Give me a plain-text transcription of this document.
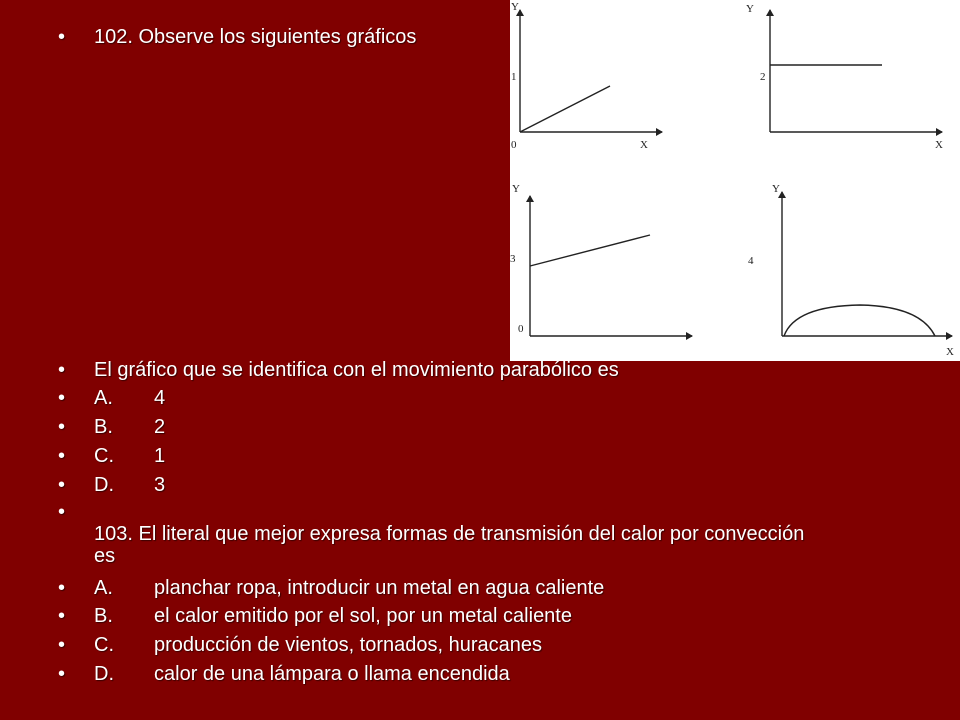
• 102. Observe los siguientes gráficos
Y
1
0	X
Y
2
X
Y
3
0
Y
4
X
• El gráfico que se identifica con el movimiento parabólico es
• A. 4
• B. 2
• C. 1
• D. 3
•
103. El literal que mejor expresa formas de transmisión del calor por convección es
• A. planchar ropa, introducir un metal en agua caliente
• B. el calor emitido por el sol, por un metal caliente
• C. producción de vientos, tornados, huracanes
• D. calor de una lámpara o llama encendida
